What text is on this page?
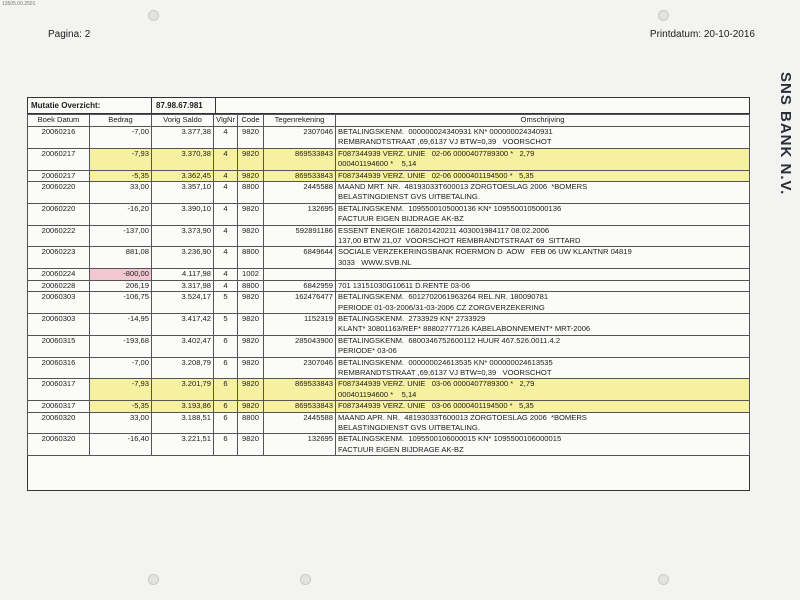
13505.00.2501
Pagina: 2	Printdatum: 20-10-2016
SNS BANK N.V.
Mutatie Overzicht:	87.98.67.981
Boek Datum	Bedrag	Vorig Saldo	VlgNr	Code	Tegenrekening	Omschrijving
20060216	-7,00	3.377,38	4	9820	2307046	BETALINGSKENM.  000000024340931 KN* 000000024340931
REMBRANDTSTRAAT ,69,6137 VJ BTW=0,39   VOORSCHOT

20060217	-7,93	3.370,38	4	9820	869533843	F087344939 VERZ. UNIE   02-06 0000407789300 *   2,79
000401194600 *    5,14

20060217	-5,35	3.362,45	4	9820	869533843	F087344939 VERZ. UNIE   02-06 0000401194500 *   5,35

20060220	33,00	3.357,10	4	8800	2445588	MAAND MRT. NR.  48193033T600013 ZORGTOESLAG 2006  *BOMERS
BELASTINGDIENST GVS UITBETALING.

20060220	-16,20	3.390,10	4	9820	132695	BETALINGSKENM.  1095500105000136 KN* 1095500105000136
FACTUUR EIGEN BIJDRAGE AK-BZ

20060222	-137,00	3.373,90	4	9820	592891186	ESSENT ENERGIE 168201420211 403001984117 08.02.2006
137,00 BTW 21,07  VOORSCHOT REMBRANDTSTRAAT 69  SITTARD

20060223	881,08	3.236,90	4	8800	6849644	SOCIALE VERZEKERINGSBANK ROERMON D  AOW   FEB 06 UW KLANTNR 04819
3033   WWW.SVB.NL

20060224	-800,00	4.117,98	4	1002		

20060228	206,19	3.317,98	4	8800	6842959	701 13151030G10611 D.RENTE 03-06

20060303	-106,75	3.524,17	5	9820	162476477	BETALINGSKENM.  6012702061963264 REL.NR. 180090781
PERIODE 01-03-2006/31-03-2006 CZ ZORGVERZEKERING

20060303	-14,95	3.417,42	5	9820	1152319	BETALINGSKENM.  2733929 KN* 2733929
KLANT* 30801163/REF* 88802777126 KABELABONNEMENT* MRT-2006

20060315	-193,68	3.402,47	6	9820	285043900	BETALINGSKENM.  6800346752600112 HUUR 467.526.0011.4.2
PERIODE* 03-06

20060316	-7,00	3.208,79	6	9820	2307046	BETALINGSKENM.  000000024613535 KN* 000000024613535
REMBRANDTSTRAAT ,69,6137 VJ BTW=0,39   VOORSCHOT

20060317	-7,93	3.201,79	6	9820	869533843	F087344939 VERZ. UNIE   03-06 0000407789300 *   2,79
000401194600 *    5,14

20060317	-5,35	3.193,86	6	9820	869533843	F087344939 VERZ. UNIE   03-06 0000401194500 *   5,35

20060320	33,00	3.188,51	6	8800	2445588	MAAND APR. NR.  48193033T600013 ZORGTOESLAG 2006  *BOMERS
BELASTINGDIENST GVS UITBETALING.

20060320	-16,40	3.221,51	6	9820	132695	BETALINGSKENM.  1095500106000015 KN* 1095500106000015
FACTUUR EIGEN BIJDRAGE AK-BZ
